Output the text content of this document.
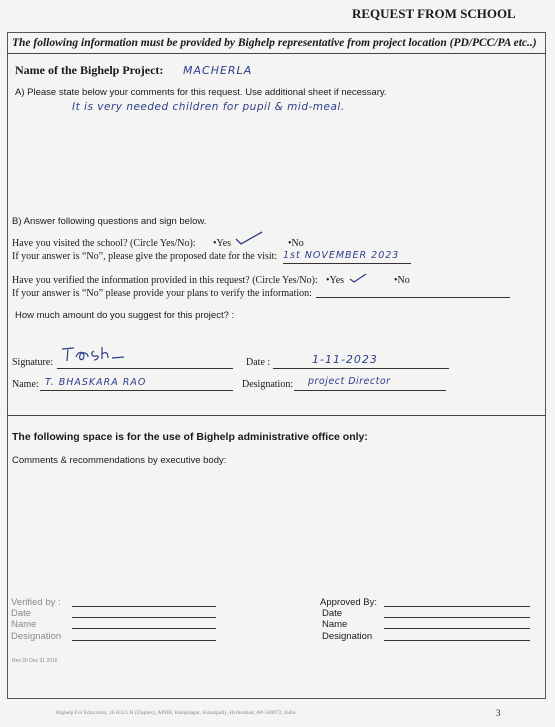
REQUEST FROM SCHOOL
The following information must be provided by Bighelp representative from project location (PD/PCC/PA etc..)
Name of the Bighelp Project: MACHERLA
A) Please state below your comments for this request. Use additional sheet if necessary.
It is very needed children for pupil & mid-meal.
B) Answer following questions and sign below.
Have you visited the school? (Circle Yes/No): •Yes	•No
If your answer is “No”, please give the proposed date for the visit: 1st NOVEMBER 2023
Have you verified the information provided in this request? (Circle Yes/No): •Yes	•No
If your answer is “No” please provide your plans to verify the information:
How much amount do you suggest for this project? :
Signature:	Date :	1-11-2023
Name: T. BHASKARA RAO	Designation: project Director
The following space is for the use of Bighelp administrative office only:
Comments & recommendations by executive body:
Verified by :
Date
Name
Designation
Approved By:
Date
Name
Designation
Rev 20 Dec 31 2016
Bighelp For Education, 16 H.I.G.H (Duplex), APHB, Balajinagar, Kukatpally, Hyderabad, AP-500072, India	3
